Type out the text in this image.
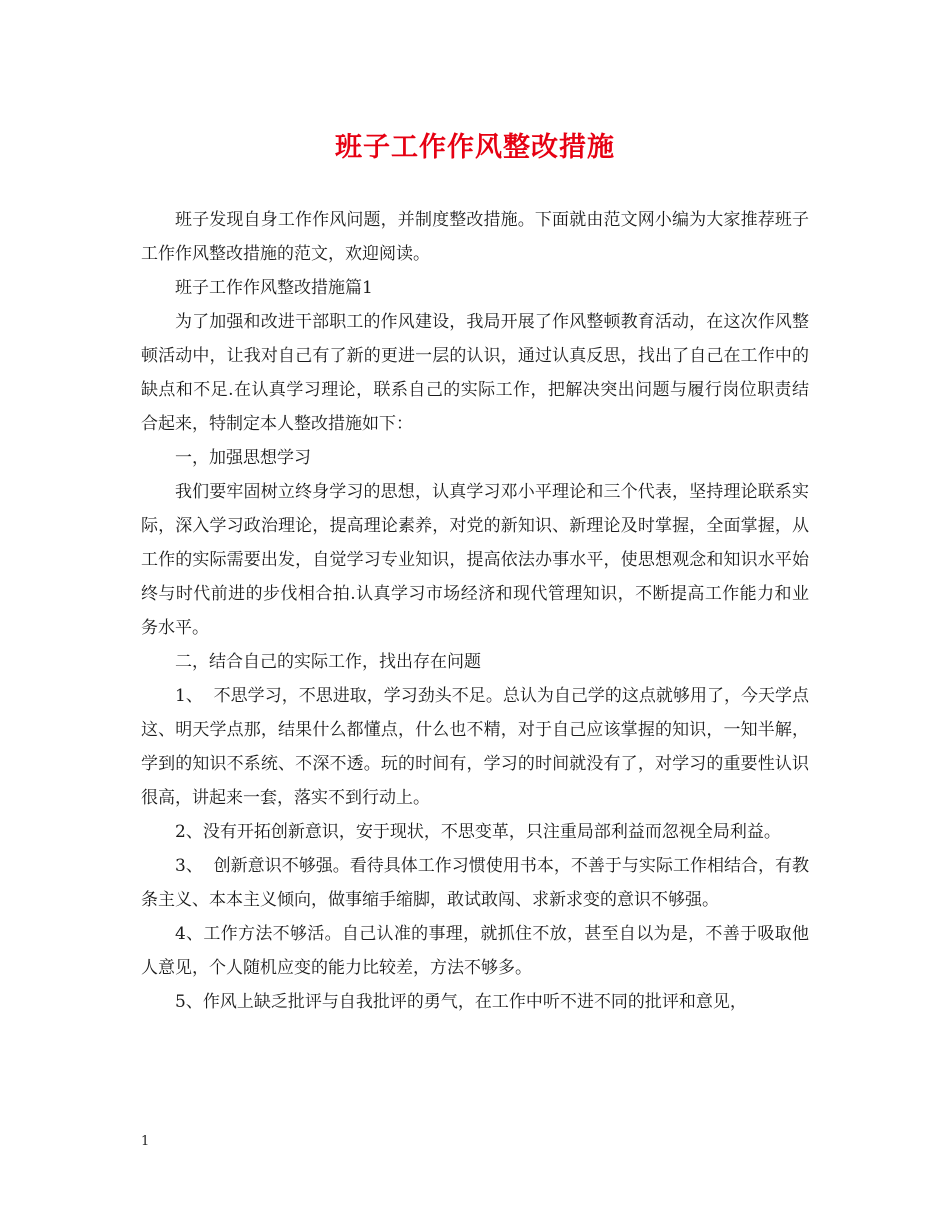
班子工作作风整改措施

班子发现自身工作作风问题，并制度整改措施。下面就由范文网小编为大家推荐班子工作作风整改措施的范文，欢迎阅读。

班子工作作风整改措施篇1

为了加强和改进干部职工的作风建设，我局开展了作风整顿教育活动，在这次作风整顿活动中，让我对自己有了新的更进一层的认识，通过认真反思，找出了自己在工作中的缺点和不足.在认真学习理论，联系自己的实际工作，把解决突出问题与履行岗位职责结合起来，特制定本人整改措施如下：

一，加强思想学习

我们要牢固树立终身学习的思想，认真学习邓小平理论和三个代表，坚持理论联系实际，深入学习政治理论，提高理论素养，对党的新知识、新理论及时掌握，全面掌握，从工作的实际需要出发，自觉学习专业知识，提高依法办事水平，使思想观念和知识水平始终与时代前进的步伐相合拍.认真学习市场经济和现代管理知识，不断提高工作能力和业务水平。

二，结合自己的实际工作，找出存在问题

1、  不思学习，不思进取，学习劲头不足。总认为自己学的这点就够用了，今天学点这、明天学点那，结果什么都懂点，什么也不精，对于自己应该掌握的知识，一知半解，学到的知识不系统、不深不透。玩的时间有，学习的时间就没有了，对学习的重要性认识很高，讲起来一套，落实不到行动上。

2、没有开拓创新意识，安于现状，不思变革，只注重局部利益而忽视全局利益。

3、  创新意识不够强。看待具体工作习惯使用书本，不善于与实际工作相结合，有教条主义、本本主义倾向，做事缩手缩脚，敢试敢闯、求新求变的意识不够强。

4、工作方法不够活。自己认准的事理，就抓住不放，甚至自以为是，不善于吸取他人意见，个人随机应变的能力比较差，方法不够多。

5、作风上缺乏批评与自我批评的勇气，在工作中听不进不同的批评和意见，

1
